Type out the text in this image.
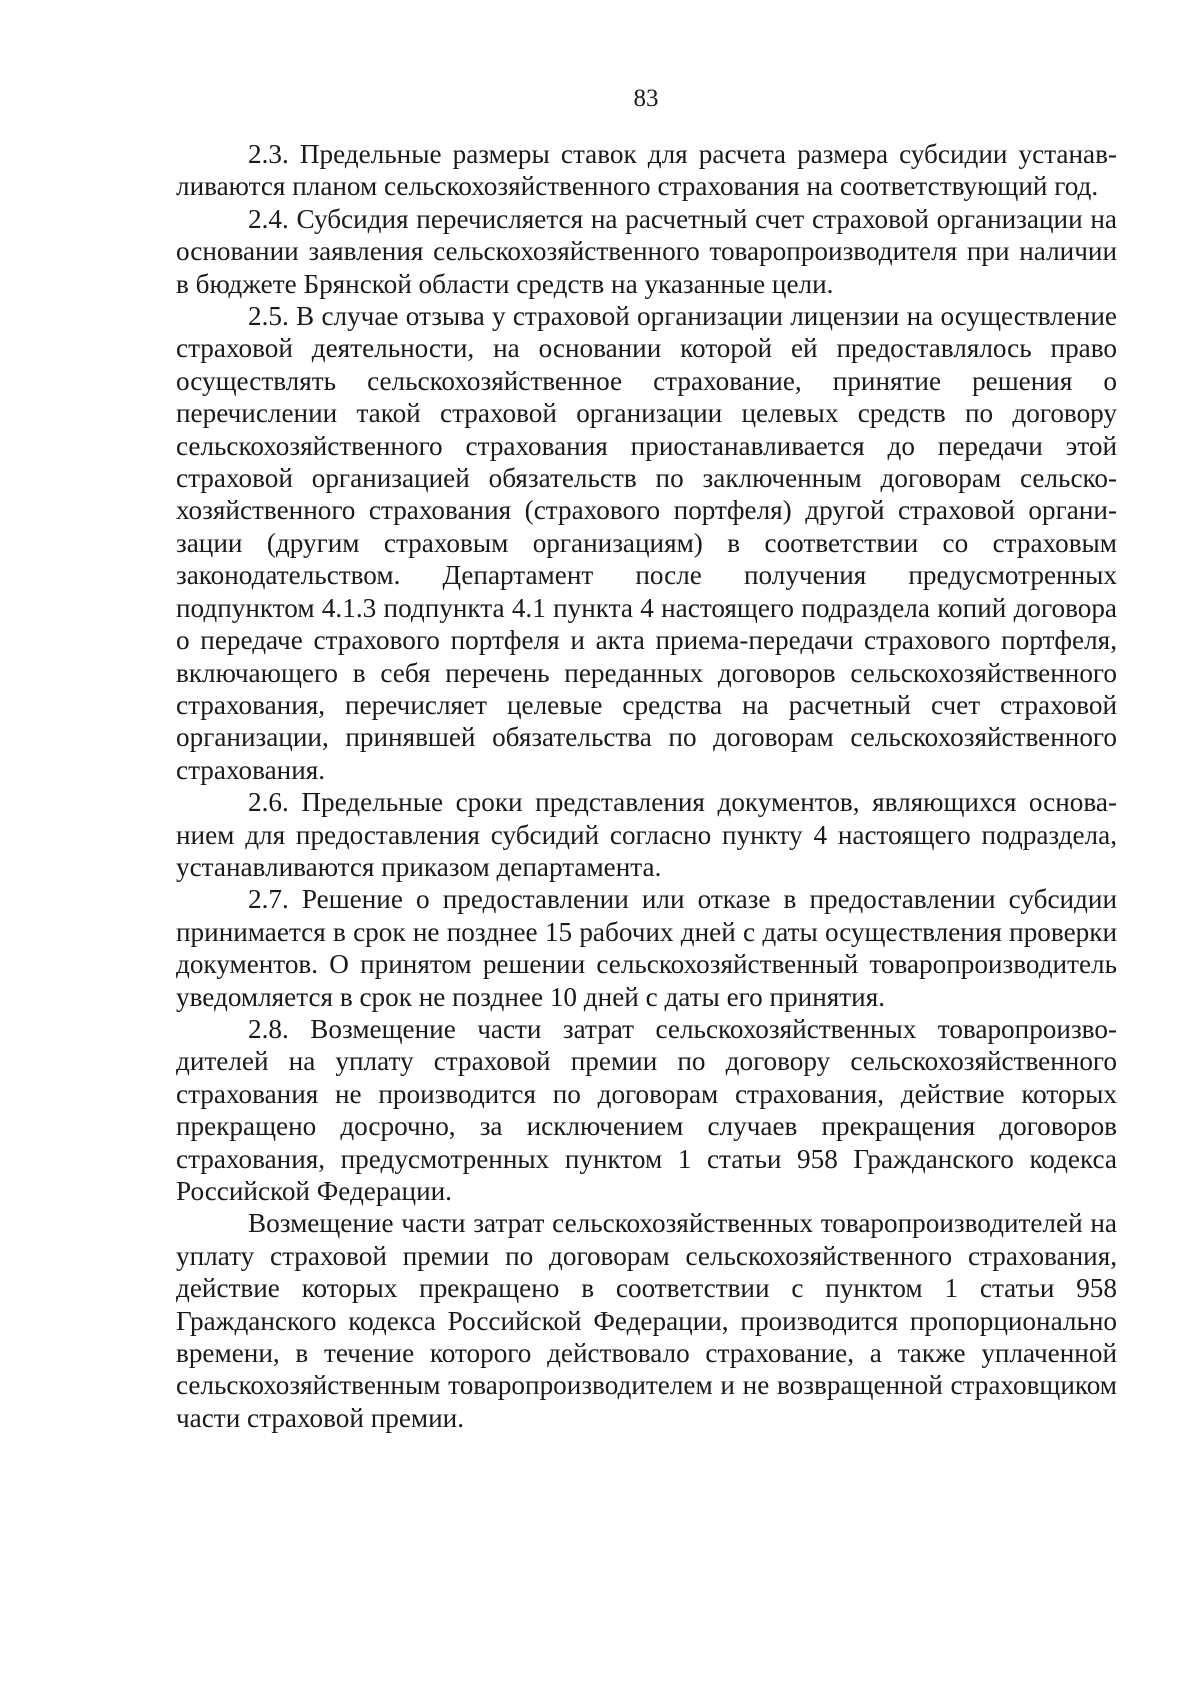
83

2.3. Предельные размеры ставок для расчета размера субсидии устанавливаются планом сельскохозяйственного страхования на соответствующий год.

2.4. Субсидия перечисляется на расчетный счет страховой организации на основании заявления сельскохозяйственного товаропроизводителя при наличии в бюджете Брянской области средств на указанные цели.

2.5. В случае отзыва у страховой организации лицензии на осуществление страховой деятельности, на основании которой ей предоставлялось право осуществлять сельскохозяйственное страхование, принятие решения о перечислении такой страховой организации целевых средств по договору сельскохозяйственного страхования приостанавливается до передачи этой страховой организацией обязательств по заключенным договорам сельскохозяйственного страхования (страхового портфеля) другой страховой организации (другим страховым организациям) в соответствии со страховым законодательством. Департамент после получения предусмотренных подпунктом 4.1.3 подпункта 4.1 пункта 4 настоящего подраздела копий договора о передаче страхового портфеля и акта приема-передачи страхового портфеля, включающего в себя перечень переданных договоров сельскохозяйственного страхования, перечисляет целевые средства на расчетный счет страховой организации, принявшей обязательства по договорам сельскохозяйственного страхования.

2.6. Предельные сроки представления документов, являющихся основанием для предоставления субсидий согласно пункту 4 настоящего подраздела, устанавливаются приказом департамента.

2.7. Решение о предоставлении или отказе в предоставлении субсидии принимается в срок не позднее 15 рабочих дней с даты осуществления проверки документов. О принятом решении сельскохозяйственный товаропроизводитель уведомляется в срок не позднее 10 дней с даты его принятия.

2.8. Возмещение части затрат сельскохозяйственных товаропроизводителей на уплату страховой премии по договору сельскохозяйственного страхования не производится по договорам страхования, действие которых прекращено досрочно, за исключением случаев прекращения договоров страхования, предусмотренных пунктом 1 статьи 958 Гражданского кодекса Российской Федерации.

Возмещение части затрат сельскохозяйственных товаропроизводителей на уплату страховой премии по договорам сельскохозяйственного страхования, действие которых прекращено в соответствии с пунктом 1 статьи 958 Гражданского кодекса Российской Федерации, производится пропорционально времени, в течение которого действовало страхование, а также уплаченной сельскохозяйственным товаропроизводителем и не возвращенной страховщиком части страховой премии.
